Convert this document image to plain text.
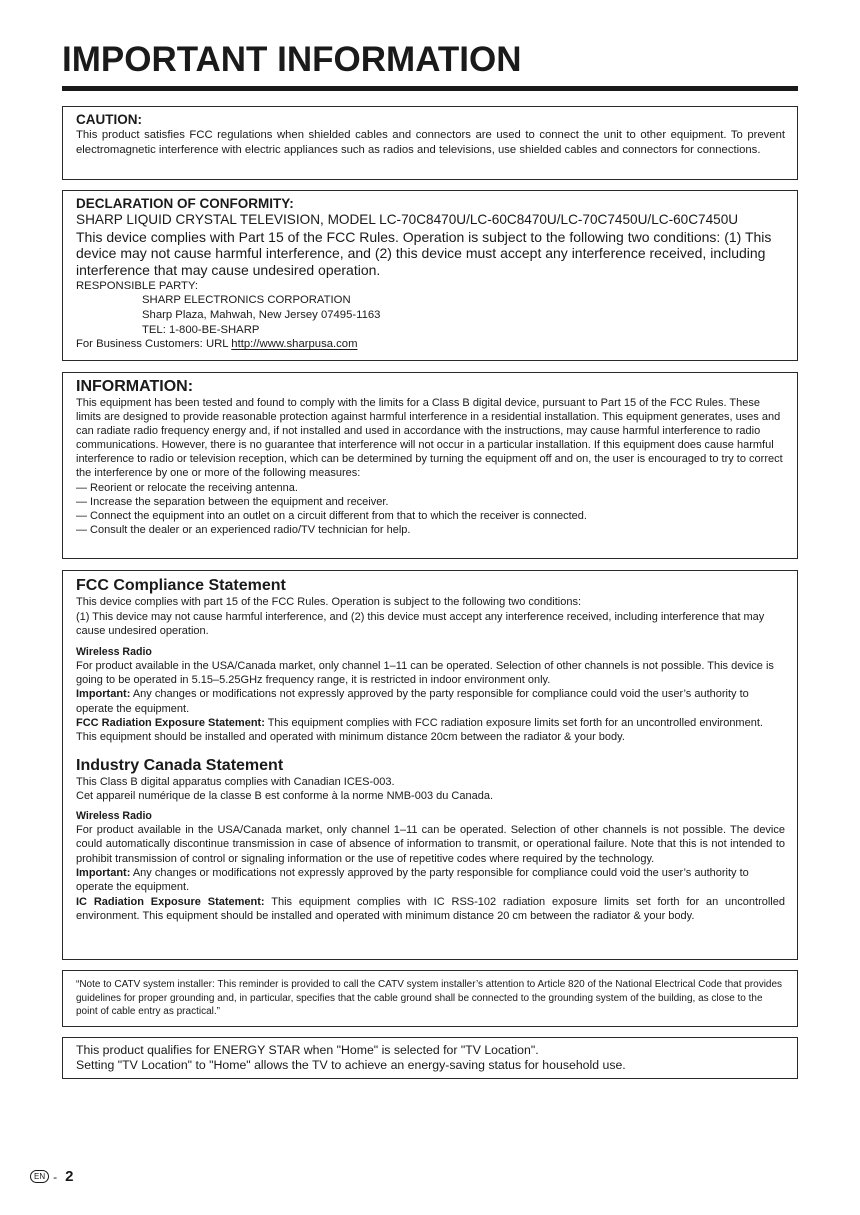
IMPORTANT INFORMATION

CAUTION:

This product satisfies FCC regulations when shielded cables and connectors are used to connect the unit to other equipment. To prevent electromagnetic interference with electric appliances such as radios and televisions, use shielded cables and connectors for connections.

DECLARATION OF CONFORMITY:

SHARP LIQUID CRYSTAL TELEVISION, MODEL LC-70C8470U/LC-60C8470U/LC-70C7450U/LC-60C7450U

This device complies with Part 15 of the FCC Rules. Operation is subject to the following two conditions: (1) This device may not cause harmful interference, and (2) this device must accept any interference received, including interference that may cause undesired operation.

RESPONSIBLE PARTY:

SHARP ELECTRONICS CORPORATION

Sharp Plaza, Mahwah, New Jersey 07495-1163

TEL: 1-800-BE-SHARP

For Business Customers: URL http://www.sharpusa.com

INFORMATION:

This equipment has been tested and found to comply with the limits for a Class B digital device, pursuant to Part 15 of the FCC Rules. These limits are designed to provide reasonable protection against harmful interference in a residential installation. This equipment generates, uses and can radiate radio frequency energy and, if not installed and used in accordance with the instructions, may cause harmful interference to radio communications. However, there is no guarantee that interference will not occur in a particular installation. If this equipment does cause harmful interference to radio or television reception, which can be determined by turning the equipment off and on, the user is encouraged to try to correct the interference by one or more of the following measures:

— Reorient or relocate the receiving antenna.

— Increase the separation between the equipment and receiver.

— Connect the equipment into an outlet on a circuit different from that to which the receiver is connected.

— Consult the dealer or an experienced radio/TV technician for help.

FCC Compliance Statement

This device complies with part 15 of the FCC Rules. Operation is subject to the following two conditions:

(1) This device may not cause harmful interference, and (2) this device must accept any interference received, including interference that may cause undesired operation.

Wireless Radio

For product available in the USA/Canada market, only channel 1–11 can be operated. Selection of other channels is not possible. This device is going to be operated in 5.15–5.25GHz frequency range, it is restricted in indoor environment only.

Important: Any changes or modifications not expressly approved by the party responsible for compliance could void the user’s authority to operate the equipment.

FCC Radiation Exposure Statement: This equipment complies with FCC radiation exposure limits set forth for an uncontrolled environment. This equipment should be installed and operated with minimum distance 20cm between the radiator & your body.

Industry Canada Statement

This Class B digital apparatus complies with Canadian ICES-003.

Cet appareil numérique de la classe B est conforme à la norme NMB-003 du Canada.

Wireless Radio

For product available in the USA/Canada market, only channel 1–11 can be operated. Selection of other channels is not possible. The device could automatically discontinue transmission in case of absence of information to transmit, or operational failure. Note that this is not intended to prohibit transmission of control or signaling information or the use of repetitive codes where required by the technology.

Important: Any changes or modifications not expressly approved by the party responsible for compliance could void the user’s authority to operate the equipment.

IC Radiation Exposure Statement: This equipment complies with IC RSS-102 radiation exposure limits set forth for an uncontrolled environment. This equipment should be installed and operated with minimum distance 20 cm between the radiator & your body.

“Note to CATV system installer: This reminder is provided to call the CATV system installer’s attention to Article 820 of the National Electrical Code that provides guidelines for proper grounding and, in particular, specifies that the cable ground shall be connected to the grounding system of the building, as close to the point of cable entry as practical.”

This product qualifies for ENERGY STAR when "Home" is selected for "TV Location".

Setting "TV Location" to "Home" allows the TV to achieve an energy-saving status for household use.

EN - 2
